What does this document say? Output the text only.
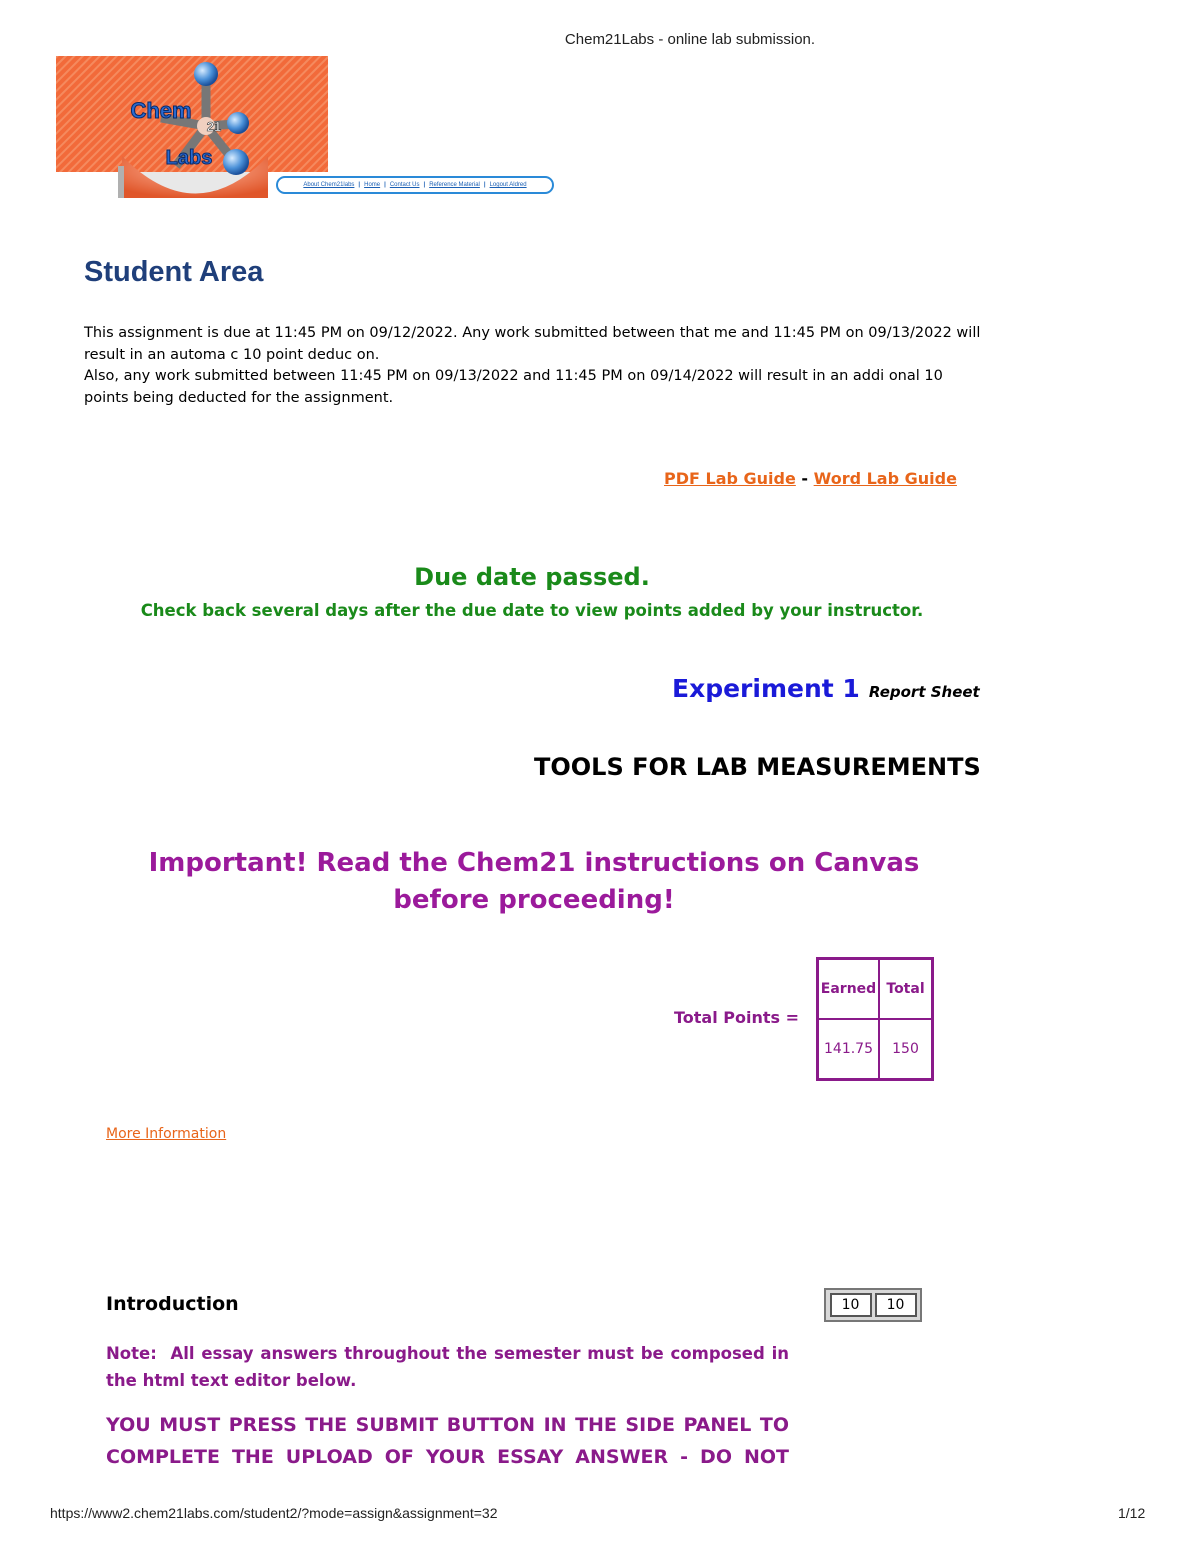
Chem21Labs - online lab submission.
Chem
21
Labs
About Chem21labs | Home | Contact Us | Reference Material | Logout Aldred
Student Area

This assignment is due at 11:45 PM on 09/12/2022. Any work submitted between that me and 11:45 PM on 09/13/2022 will result in an automa c 10 point deduc on.

Also, any work submitted between 11:45 PM on 09/13/2022 and 11:45 PM on 09/14/2022 will result in an addi onal 10 points being deducted for the assignment.

PDF Lab Guide - Word Lab Guide
Due date passed.
Check back several days after the due date to view points added by your instructor.
Experiment 1 Report Sheet
TOOLS FOR LAB MEASUREMENTS
Important! Read the Chem21 instructions on Canvas before proceeding!
Total Points =
Earned	Total
141.75	150
More Information
Introduction	10	10
Note: All essay answers throughout the semester must be composed in the html text editor below.
YOU MUST PRESS THE SUBMIT BUTTON IN THE SIDE PANEL TO COMPLETE THE UPLOAD OF YOUR ESSAY ANSWER - DO NOT
https://www2.chem21labs.com/student2/?mode=assign&assignment=32	1/12
